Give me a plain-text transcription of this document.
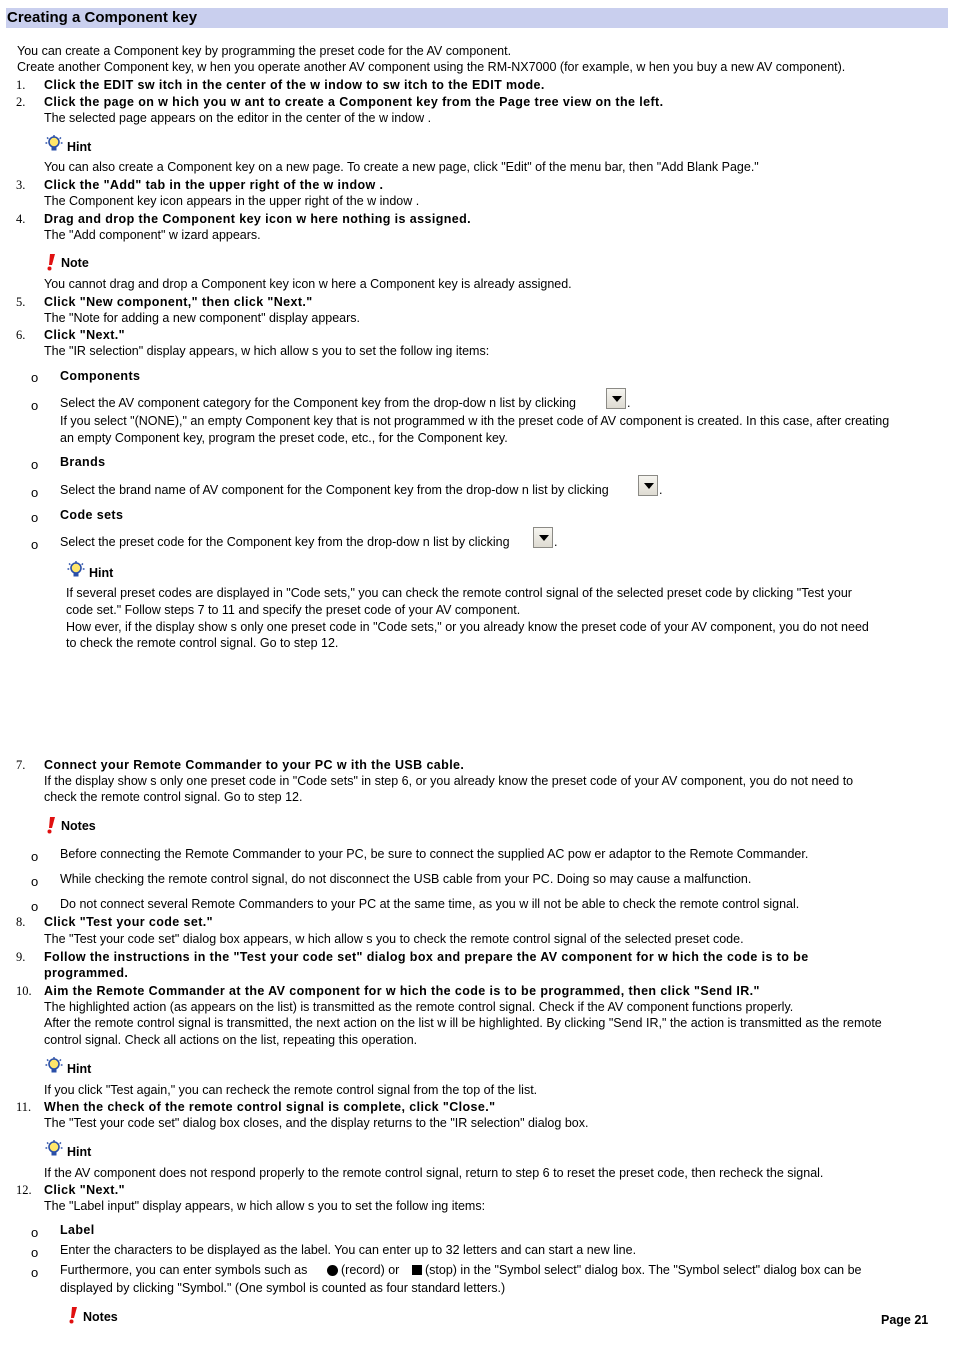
Creating a Component key
You can create a Component key by programming the preset code for the AV component.
Create another Component key, w hen you operate another AV component using the RM-NX7000 (for example, w hen you buy a new AV component).
1. Click the EDIT sw itch in the center of the w indow to sw itch to the EDIT mode.
2. Click the page on w hich you w ant to create a Component key from the Page tree view on the left.
The selected page appears on the editor in the center of the w indow .
Hint
You can also create a Component key on a new page. To create a new page, click "Edit" of the menu bar, then "Add Blank Page."
3. Click the "Add" tab in the upper right of the w indow .
The Component key icon appears in the upper right of the w indow .
4. Drag and drop the Component key icon w here nothing is assigned.
The "Add component" w izard appears.
Note
You cannot drag and drop a Component key icon w here a Component key is already assigned.
5. Click "New component," then click "Next."
The "Note for adding a new component" display appears.
6. Click "Next."
The "IR selection" display appears, w hich allow s you to set the follow ing items:
o Components
o Select the AV component category for the Component key from the drop-dow n list by clicking	.
If you select "(NONE)," an empty Component key that is not programmed w ith the preset code of AV component is created. In this case, after creating
an empty Component key, program the preset code, etc., for the Component key.
o Brands
o Select the brand name of AV component for the Component key from the drop-dow n list by clicking	.
o Code sets
o Select the preset code for the Component key from the drop-dow n list by clicking	.
Hint
If several preset codes are displayed in "Code sets," you can check the remote control signal of the selected preset code by clicking "Test your
code set." Follow steps 7 to 11 and specify the preset code of your AV component.
How ever, if the display show s only one preset code in "Code sets," or you already know the preset code of your AV component, you do not need
to check the remote control signal. Go to step 12.
7. Connect your Remote Commander to your PC w ith the USB cable.
If the display show s only one preset code in "Code sets" in step 6, or you already know the preset code of your AV component, you do not need to
check the remote control signal. Go to step 12.
Notes
o Before connecting the Remote Commander to your PC, be sure to connect the supplied AC pow er adaptor to the Remote Commander.
o While checking the remote control signal, do not disconnect the USB cable from your PC. Doing so may cause a malfunction.
o Do not connect several Remote Commanders to your PC at the same time, as you w ill not be able to check the remote control signal.
8. Click "Test your code set."
The "Test your code set" dialog box appears, w hich allow s you to check the remote control signal of the selected preset code.
9. Follow the instructions in the "Test your code set" dialog box and prepare the AV component for w hich the code is to be
programmed.
10. Aim the Remote Commander at the AV component for w hich the code is to be programmed, then click "Send IR."
The highlighted action (as appears on the list) is transmitted as the remote control signal. Check if the AV component functions properly.
After the remote control signal is transmitted, the next action on the list w ill be highlighted. By clicking "Send IR," the action is transmitted as the remote
control signal. Check all actions on the list, repeating this operation.
Hint
If you click "Test again," you can recheck the remote control signal from the top of the list.
11. When the check of the remote control signal is complete, click "Close."
The "Test your code set" dialog box closes, and the display returns to the "IR selection" dialog box.
Hint
If the AV component does not respond properly to the remote control signal, return to step 6 to reset the preset code, then recheck the signal.
12. Click "Next."
The "Label input" display appears, w hich allow s you to set the follow ing items:
o Label
o Enter the characters to be displayed as the label. You can enter up to 32 letters and can start a new line.
o Furthermore, you can enter symbols such as	(record) or (stop) in the "Symbol select" dialog box. The "Symbol select" dialog box can be
displayed by clicking "Symbol." (One symbol is counted as four standard letters.)
Notes	Page 21
